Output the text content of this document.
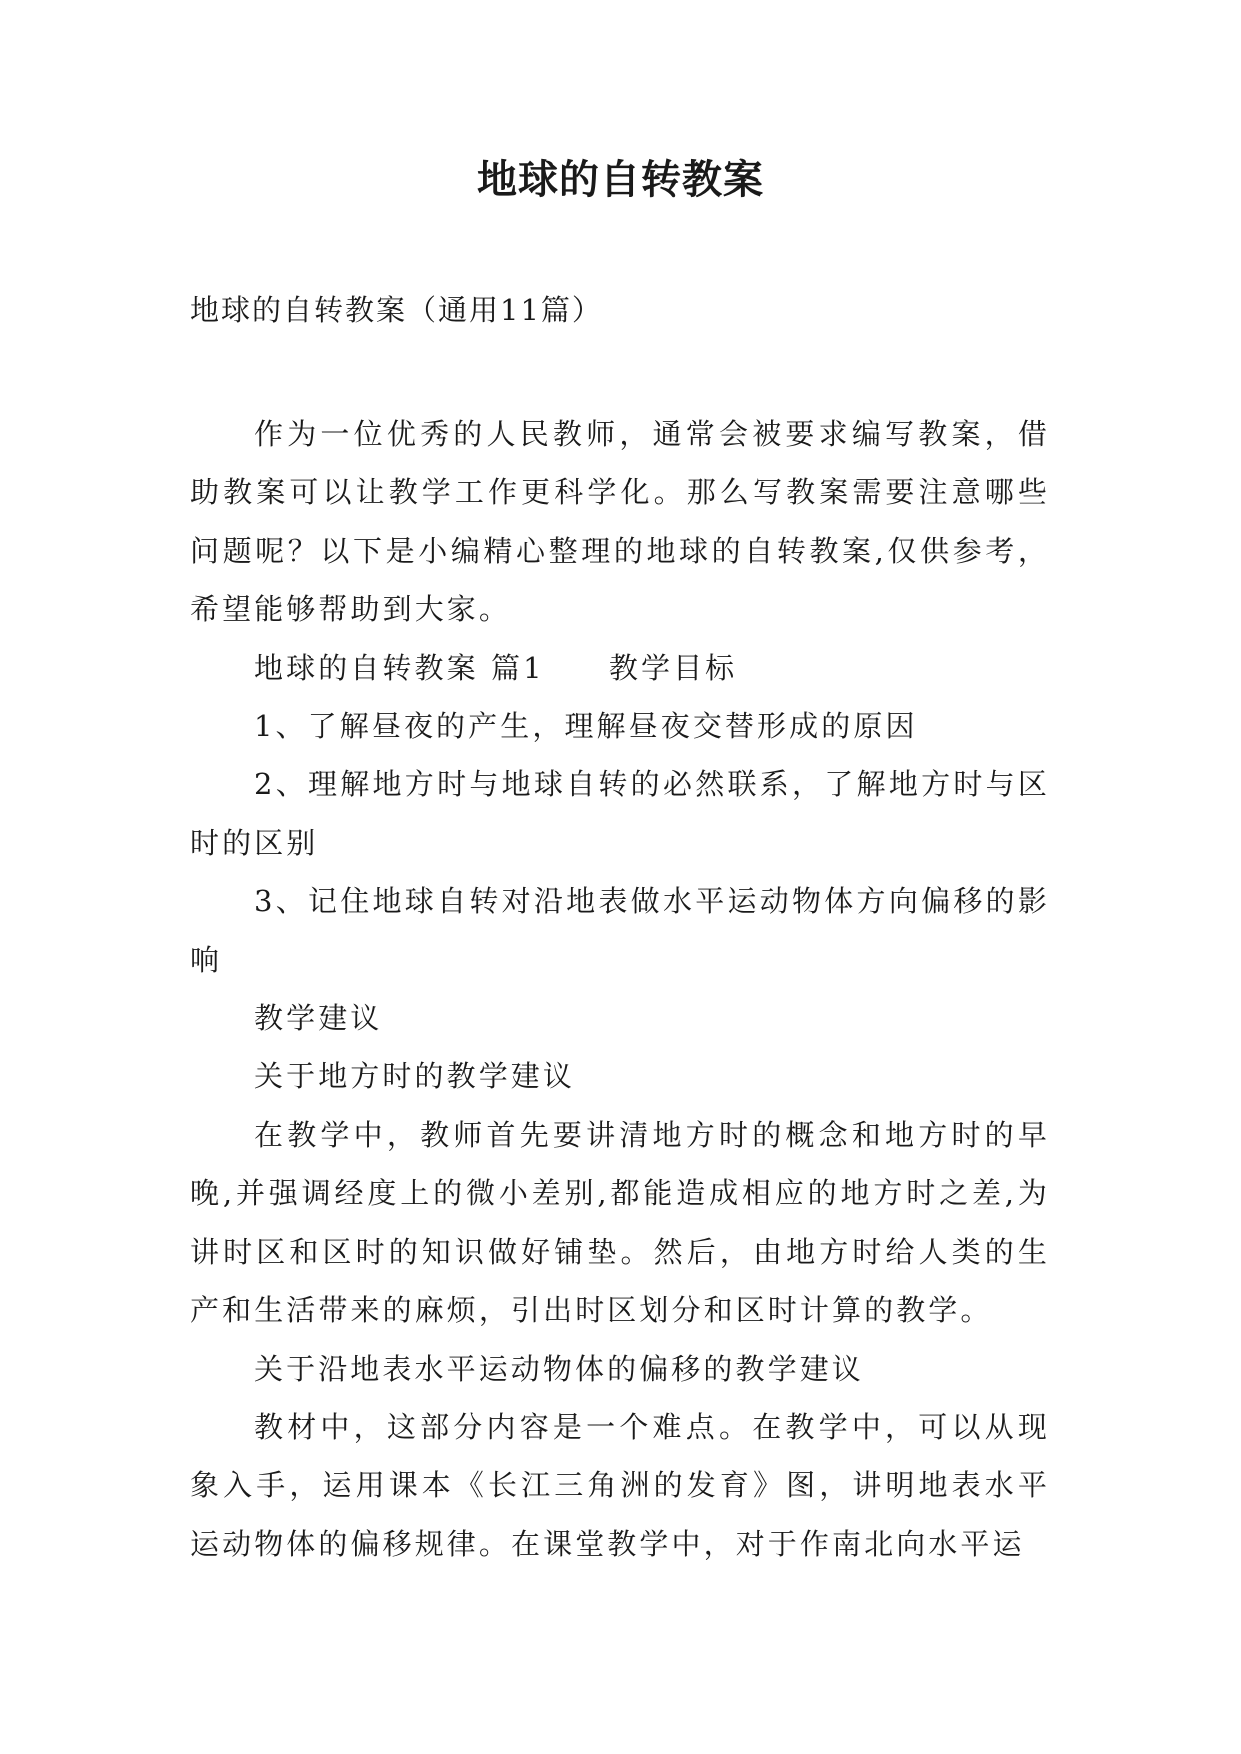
地球的自转教案
地球的自转教案（通用11篇）

作为一位优秀的人民教师，通常会被要求编写教案，借助教案可以让教学工作更科学化。那么写教案需要注意哪些问题呢？以下是小编精心整理的地球的自转教案,仅供参考，希望能够帮助到大家。

地球的自转教案 篇1　　教学目标

1、了解昼夜的产生，理解昼夜交替形成的原因

2、理解地方时与地球自转的必然联系，了解地方时与区时的区别

3、记住地球自转对沿地表做水平运动物体方向偏移的影响

教学建议

关于地方时的教学建议

在教学中，教师首先要讲清地方时的概念和地方时的早晚,并强调经度上的微小差别,都能造成相应的地方时之差,为讲时区和区时的知识做好铺垫。然后，由地方时给人类的生产和生活带来的麻烦，引出时区划分和区时计算的教学。

关于沿地表水平运动物体的偏移的教学建议

教材中，这部分内容是一个难点。在教学中，可以从现象入手，运用课本《长江三角洲的发育》图，讲明地表水平运动物体的偏移规律。在课堂教学中，对于作南北向水平运
